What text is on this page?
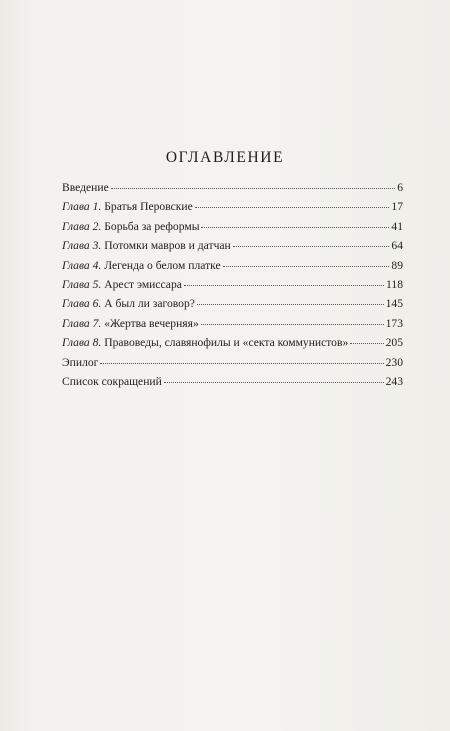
ОГЛАВЛЕНИЕ
Введение	6
Глава 1. Братья Перовские	17
Глава 2. Борьба за реформы	41
Глава 3. Потомки мавров и датчан	64
Глава 4. Легенда о белом платке	89
Глава 5. Арест эмиссара	118
Глава 6. А был ли заговор?	145
Глава 7. «Жертва вечерняя»	173
Глава 8. Правоведы, славянофилы и «секта коммунистов»	205
Эпилог	230
Список сокращений	243
